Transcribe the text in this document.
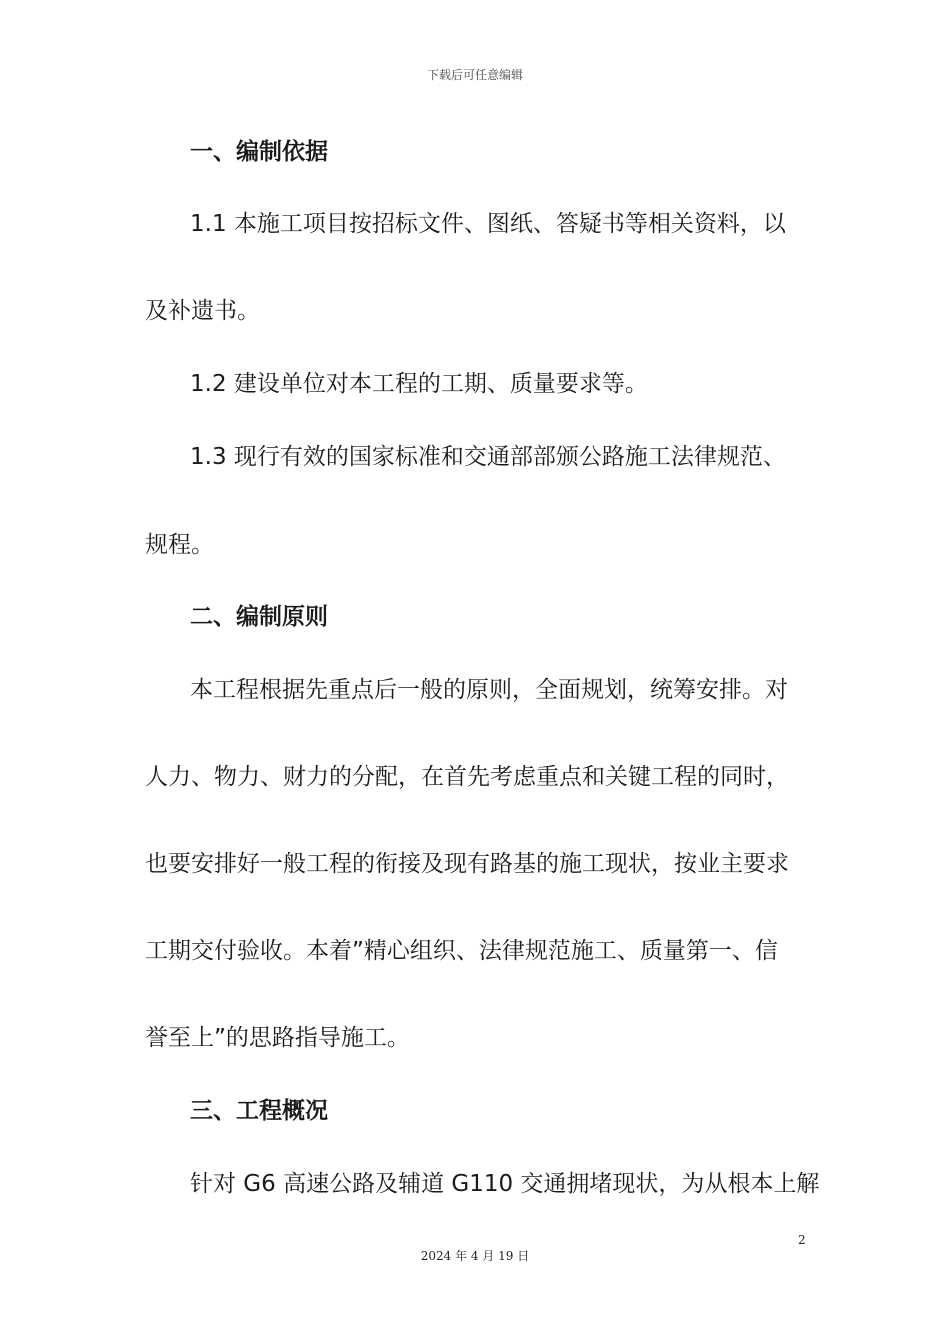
下载后可任意编辑
一、编制依据
1.1 本施工项目按招标文件、图纸、答疑书等相关资料，以
及补遗书。
1.2 建设单位对本工程的工期、质量要求等。
1.3 现行有效的国家标准和交通部部颁公路施工法律规范、
规程。
二、编制原则
本工程根据先重点后一般的原则，全面规划，统筹安排。对
人力、物力、财力的分配，在首先考虑重点和关键工程的同时，
也要安排好一般工程的衔接及现有路基的施工现状，按业主要求
工期交付验收。本着”精心组织、法律规范施工、质量第一、信
誉至上”的思路指导施工。
三、工程概况
针对 G6 高速公路及辅道 G110 交通拥堵现状，为从根本上解
2
2024 年 4 月 19 日
